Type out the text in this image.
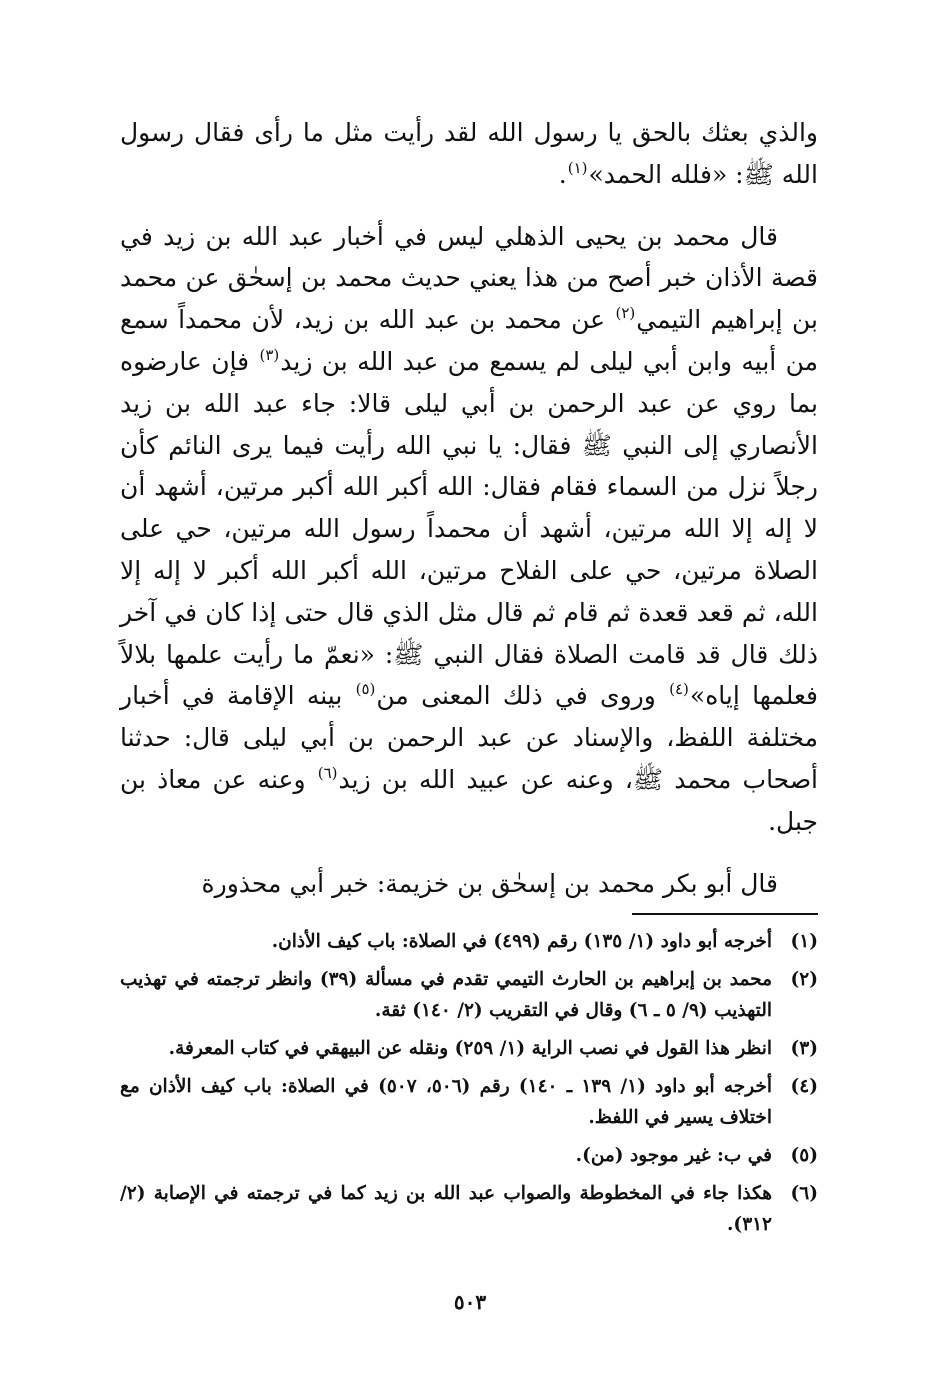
والذي بعثك بالحق يا رسول الله لقد رأيت مثل ما رأى فقال رسول الله ﷺ: «فلله الحمد»$^{(١)}$.

قال محمد بن يحيى الذهلي ليس في أخبار عبد الله بن زيد في قصة الأذان خبر أصح من هذا يعني حديث محمد بن إسحٰق عن محمد بن إبراهيم التيمي$^{(٢)}$ عن محمد بن عبد الله بن زيد، لأن محمداً سمع من أبيه وابن أبي ليلى لم يسمع من عبد الله بن زيد$^{(٣)}$ فإن عارضوه بما روي عن عبد الرحمن بن أبي ليلى قالا: جاء عبد الله بن زيد الأنصاري إلى النبي ﷺ فقال: يا نبي الله رأيت فيما يرى النائم كأن رجلاً نزل من السماء فقام فقال: الله أكبر الله أكبر مرتين، أشهد أن لا إله إلا الله مرتين، أشهد أن محمداً رسول الله مرتين، حي على الصلاة مرتين، حي على الفلاح مرتين، الله أكبر الله أكبر لا إله إلا الله، ثم قعد قعدة ثم قام ثم قال مثل الذي قال حتى إذا كان في آخر ذلك قال قد قامت الصلاة فقال النبي ﷺ: «نعمّ ما رأيت علمها بلالاً فعلمها إياه»$^{(٤)}$ وروى في ذلك المعنى من$^{(٥)}$ بينه الإقامة في أخبار مختلفة اللفظ، والإسناد عن عبد الرحمن بن أبي ليلى قال: حدثنا أصحاب محمد ﷺ، وعنه عن عبيد الله بن زيد$^{(٦)}$ وعنه عن معاذ بن جبل.

قال أبو بكر محمد بن إسحٰق بن خزيمة: خبر أبي محذورة

(١)
أخرجه أبو داود (١/ ١٣٥) رقم (٤٩٩) في الصلاة: باب كيف الأذان.
(٢)
محمد بن إبراهيم بن الحارث التيمي تقدم في مسألة (٣٩) وانظر ترجمته في تهذيب التهذيب (٩/ ٥ ـ ٦) وقال في التقريب (٢/ ١٤٠) ثقة.
(٣)
انظر هذا القول في نصب الراية (١/ ٢٥٩) ونقله عن البيهقي في كتاب المعرفة.
(٤)
أخرجه أبو داود (١/ ١٣٩ ـ ١٤٠) رقم (٥٠٦، ٥٠٧) في الصلاة: باب كيف الأذان مع اختلاف يسير في اللفظ.
(٥)
في ب: غير موجود (من).
(٦)
هكذا جاء في المخطوطة والصواب عبد الله بن زيد كما في ترجمته في الإصابة (٢/ ٣١٢).
٥٠٣
